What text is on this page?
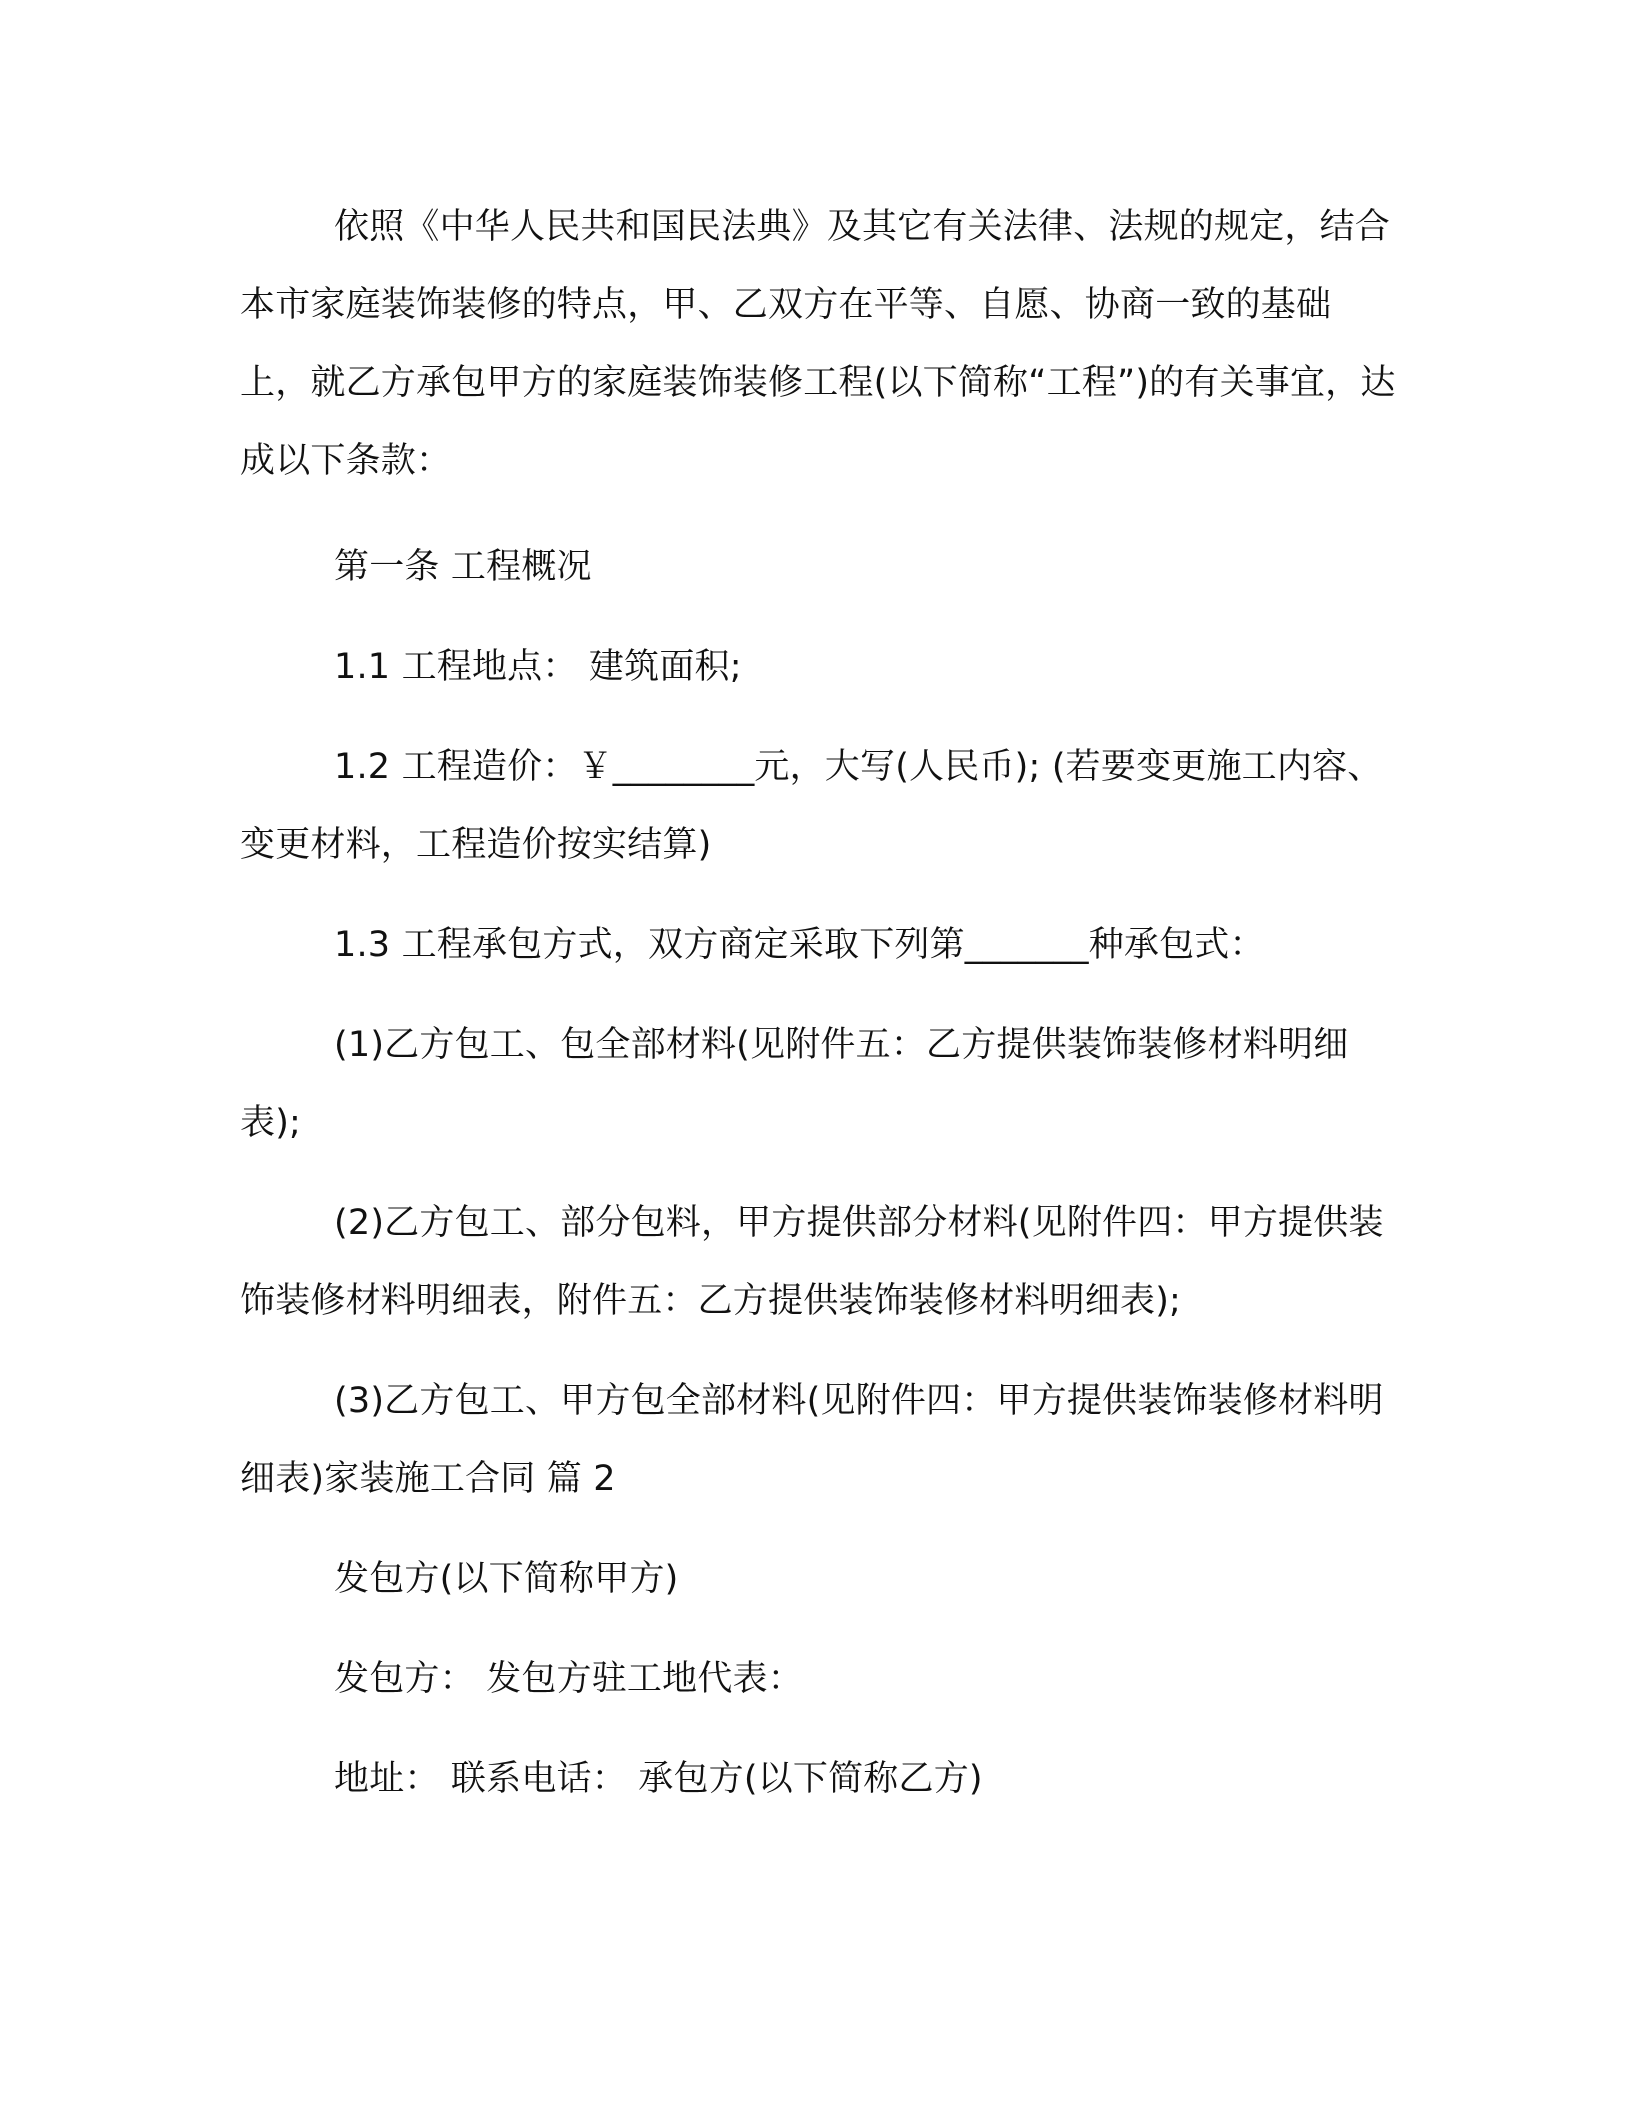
依照《中华人民共和国民法典》及其它有关法律、法规的规定，结合本市家庭装饰装修的特点，甲、乙双方在平等、自愿、协商一致的基础上，就乙方承包甲方的家庭装饰装修工程(以下简称“工程”)的有关事宜，达成以下条款：

第一条 工程概况

1.1 工程地点： 建筑面积;

1.2 工程造价：￥________元，大写(人民币); (若要变更施工内容、变更材料，工程造价按实结算)

1.3 工程承包方式，双方商定采取下列第_______种承包式：

(1)乙方包工、包全部材料(见附件五：乙方提供装饰装修材料明细表);

(2)乙方包工、部分包料，甲方提供部分材料(见附件四：甲方提供装饰装修材料明细表，附件五：乙方提供装饰装修材料明细表);

(3)乙方包工、甲方包全部材料(见附件四：甲方提供装饰装修材料明细表)家装施工合同 篇 2

发包方(以下简称甲方)

发包方： 发包方驻工地代表：

地址： 联系电话： 承包方(以下简称乙方)
